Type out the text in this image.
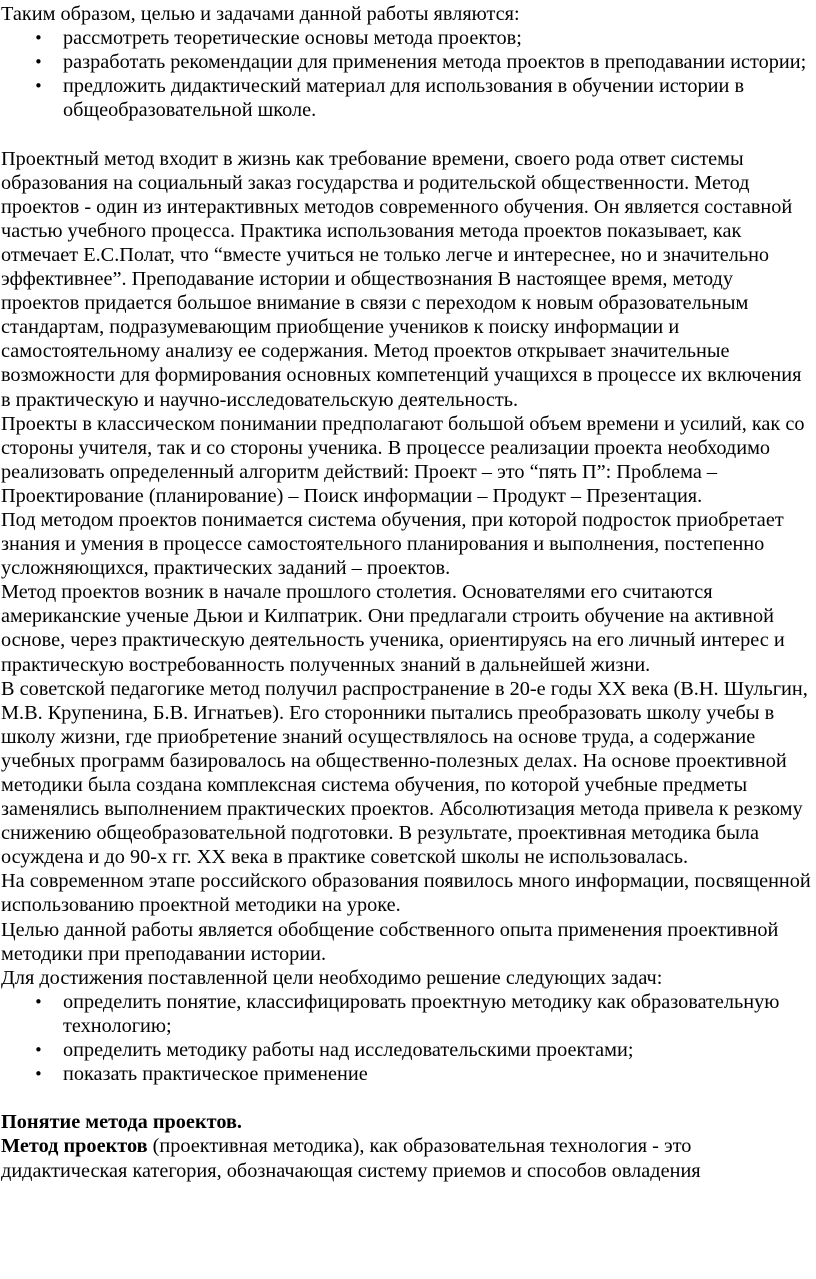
Таким образом, целью и задачами данной работы являются:

• рассмотреть теоретические основы метода проектов;
• разработать рекомендации для применения метода проектов в преподавании истории;
• предложить дидактический материал для использования в обучении истории в общеобразовательной школе.

Проектный метод входит в жизнь как требование времени, своего рода ответ системы образования на социальный заказ государства и родительской общественности. Метод проектов - один из интерактивных методов современного обучения. Он является составной частью учебного процесса. Практика использования метода проектов показывает, как отмечает Е.С.Полат, что “вместе учиться не только легче и интереснее, но и значительно эффективнее”. Преподавание истории и обществознания В настоящее время, методу проектов придается большое внимание в связи с переходом к новым образовательным стандартам, подразумевающим приобщение учеников к поиску информации и самостоятельному анализу ее содержания. Метод проектов открывает значительные возможности для формирования основных компетенций учащихся в процессе их включения в практическую и научно-исследовательскую деятельность.

Проекты в классическом понимании предполагают большой объем времени и усилий, как со стороны учителя, так и со стороны ученика. В процессе реализации проекта необходимо реализовать определенный алгоритм действий: Проект – это “пять П”: Проблема – Проектирование (планирование) – Поиск информации – Продукт – Презентация.

Под методом проектов понимается система обучения, при которой подросток приобретает знания и умения в процессе самостоятельного планирования и выполнения, постепенно усложняющихся, практических заданий – проектов.

Метод проектов возник в начале прошлого столетия. Основателями его считаются американские ученые Дьюи и Килпатрик. Они предлагали строить обучение на активной основе, через практическую деятельность ученика, ориентируясь на его личный интерес и практическую востребованность полученных знаний в дальнейшей жизни.

В советской педагогике метод получил распространение в 20-е годы XX века (В.Н. Шульгин, М.В. Крупенина, Б.В. Игнатьев). Его сторонники пытались преобразовать школу учебы в школу жизни, где приобретение знаний осуществлялось на основе труда, а содержание учебных программ базировалось на общественно-полезных делах. На основе проективной методики была создана комплексная система обучения, по которой учебные предметы заменялись выполнением практических проектов. Абсолютизация метода привела к резкому снижению общеобразовательной подготовки. В результате, проективная методика была осуждена и до 90-х гг. XX века в практике советской школы не использовалась.

На современном этапе российского образования появилось много информации, посвященной использованию проектной методики на уроке.

Целью данной работы является обобщение собственного опыта применения проективной методики при преподавании истории.

Для достижения поставленной цели необходимо решение следующих задач:

• определить понятие, классифицировать проектную методику как образовательную технологию;
• определить методику работы над исследовательскими проектами;
• показать практическое применение

Понятие метода проектов.

Метод проектов (проективная методика), как образовательная технология - это дидактическая категория, обозначающая систему приемов и способов овладения
